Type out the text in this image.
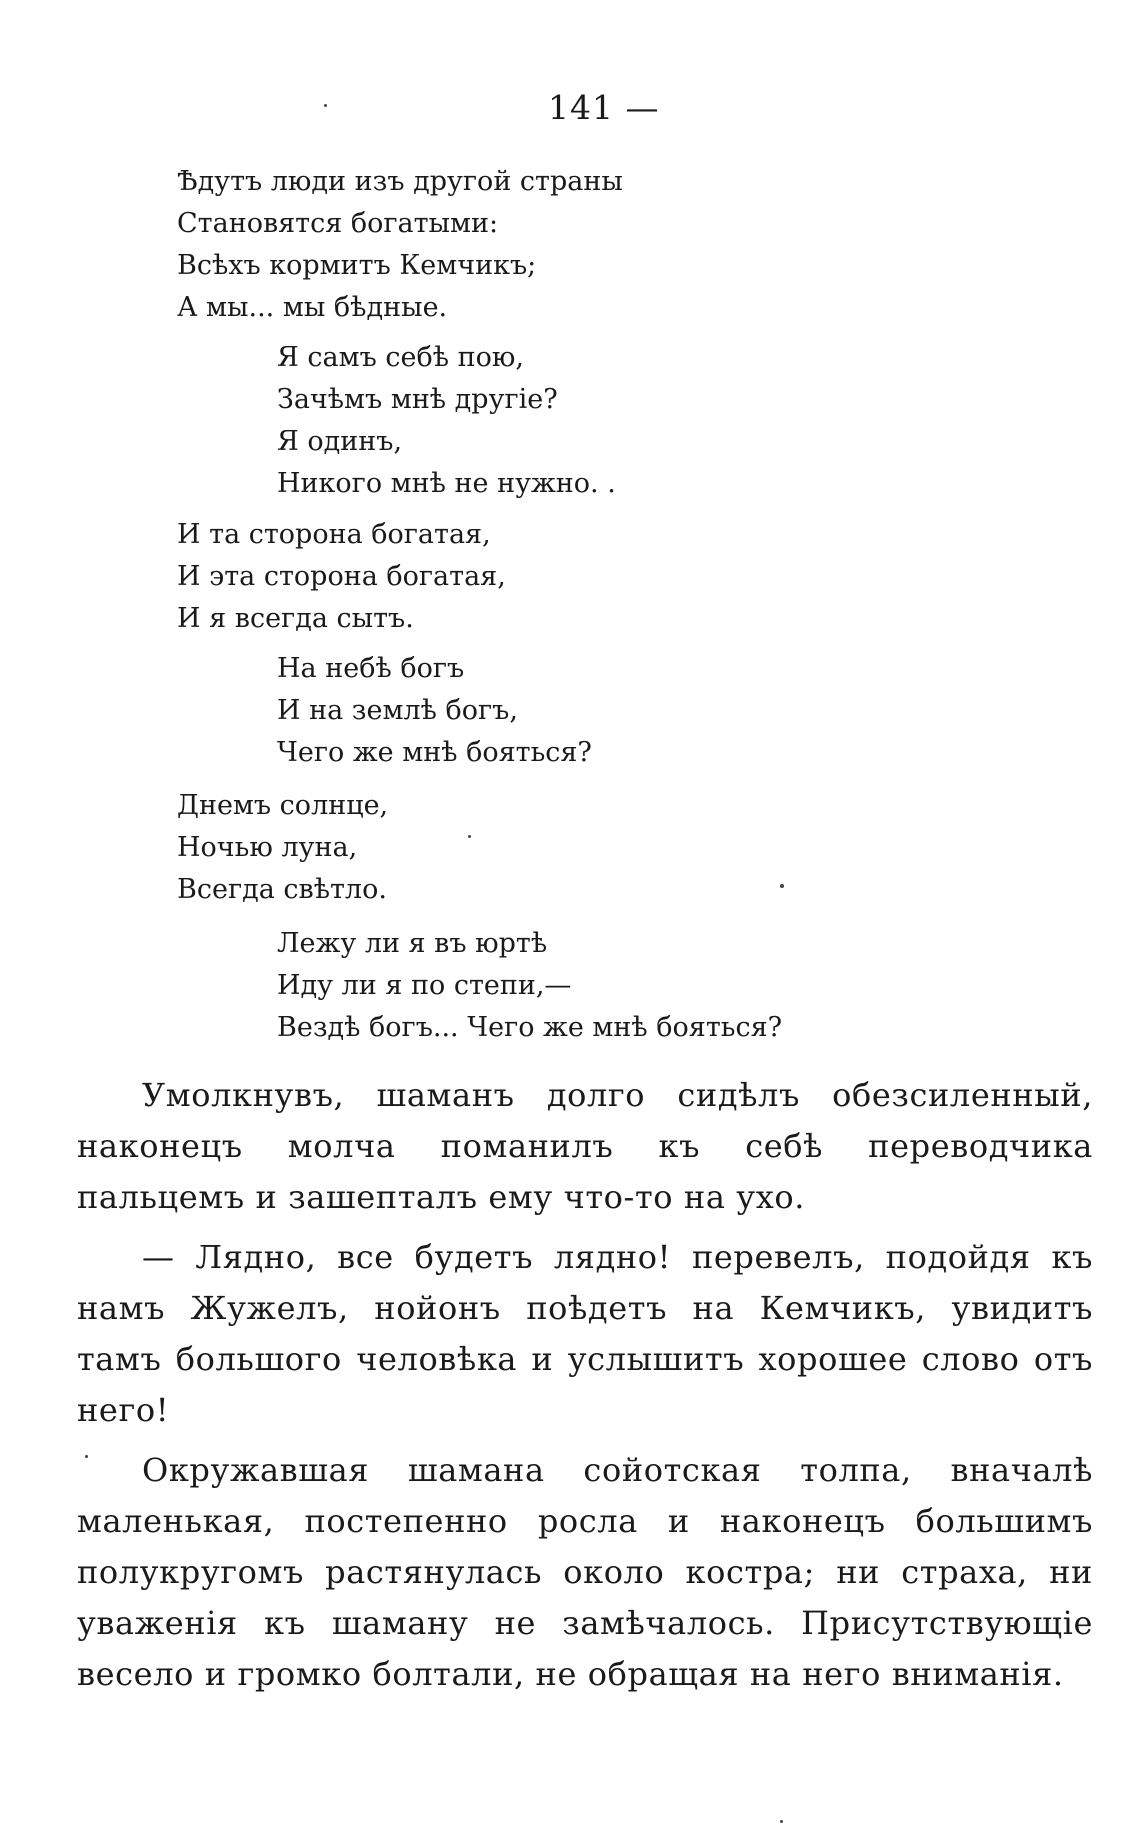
141 —
Ѣдутъ люди изъ другой страны
Становятся богатыми:
Всѣхъ кормитъ Кемчикъ;
А мы... мы бѣдные.
Я самъ себѣ пою,
Зачѣмъ мнѣ другіе?
Я одинъ,
Никого мнѣ не нужно. .
И та сторона богатая,
И эта сторона богатая,
И я всегда сытъ.
На небѣ богъ
И на землѣ богъ,
Чего же мнѣ бояться?
Днемъ солнце,
Ночью луна,
Всегда свѣтло.
Лежу ли я въ юртѣ
Иду ли я по степи,—
Вездѣ богъ... Чего же мнѣ бояться?

Умолкнувъ, шаманъ долго сидѣлъ обезсиленный, наконецъ молча поманилъ къ себѣ переводчика пальцемъ и зашепталъ ему что-то на ухо.

— Лядно, все будетъ лядно! перевелъ, подойдя къ намъ Жужелъ, нойонъ поѣдетъ на Кемчикъ, увидитъ тамъ большого человѣка и услышитъ хорошее слово отъ него!

Окружавшая шамана сойотская толпа, вначалѣ маленькая, постепенно росла и наконецъ большимъ полукругомъ растянулась около костра; ни страха, ни уваженія къ шаману не замѣчалось. Присутствующіе весело и громко болтали, не обращая на него вниманія.
